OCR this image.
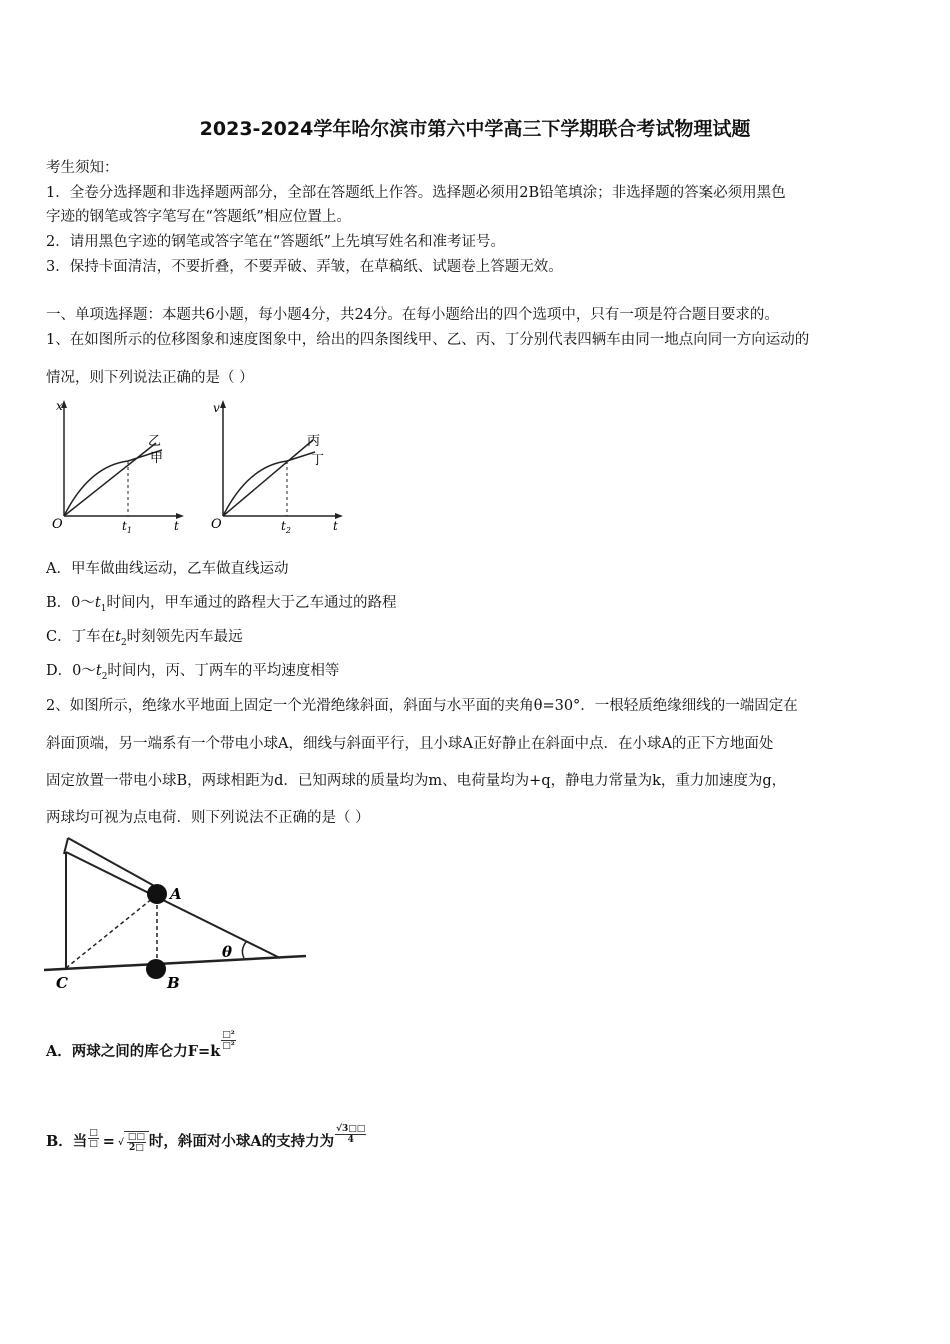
2023-2024学年哈尔滨市第六中学高三下学期联合考试物理试题
考生须知：
1．全卷分选择题和非选择题两部分，全部在答题纸上作答。选择题必须用2B铅笔填涂；非选择题的答案必须用黑色
字迹的钢笔或答字笔写在“答题纸”相应位置上。
2．请用黑色字迹的钢笔或答字笔在“答题纸”上先填写姓名和准考证号。
3．保持卡面清洁，不要折叠，不要弄破、弄皱，在草稿纸、试题卷上答题无效。
一、单项选择题：本题共6小题，每小题4分，共24分。在每小题给出的四个选项中，只有一项是符合题目要求的。
1、在如图所示的位移图象和速度图象中，给出的四条图线甲、乙、丙、丁分别代表四辆车由同一地点向同一方向运动的
情况，则下列说法正确的是（ ）
x
t
O	$t_1$
乙
甲
v
t
O	$t_2$
丙
丁
A．甲车做曲线运动，乙车做直线运动
B．$0\sim t_1$时间内，甲车通过的路程大于乙车通过的路程
C．丁车在$t_2$时刻领先丙车最远
D．$0\sim t_2$时间内，丙、丁两车的平均速度相等
2、如图所示，绝缘水平地面上固定一个光滑绝缘斜面，斜面与水平面的夹角θ=30°．一根轻质绝缘细线的一端固定在
斜面顶端，另一端系有一个带电小球A，细线与斜面平行，且小球A正好静止在斜面中点．在小球A的正下方地面处
固定放置一带电小球B，两球相距为d．已知两球的质量均为m、电荷量均为+q，静电力常量为k，重力加速度为g，
两球均可视为点电荷．则下列说法不正确的是（ ）
A
B
C
θ
A．两球之间的库仑力F=k
$\frac{\text{□²}}{\text{□²}}$
B．当 $\frac{□}{□}$ = √ $\frac{□□}{2□}$ 时，斜面对小球A的支持力为 $\frac{√3□□}{4}$
